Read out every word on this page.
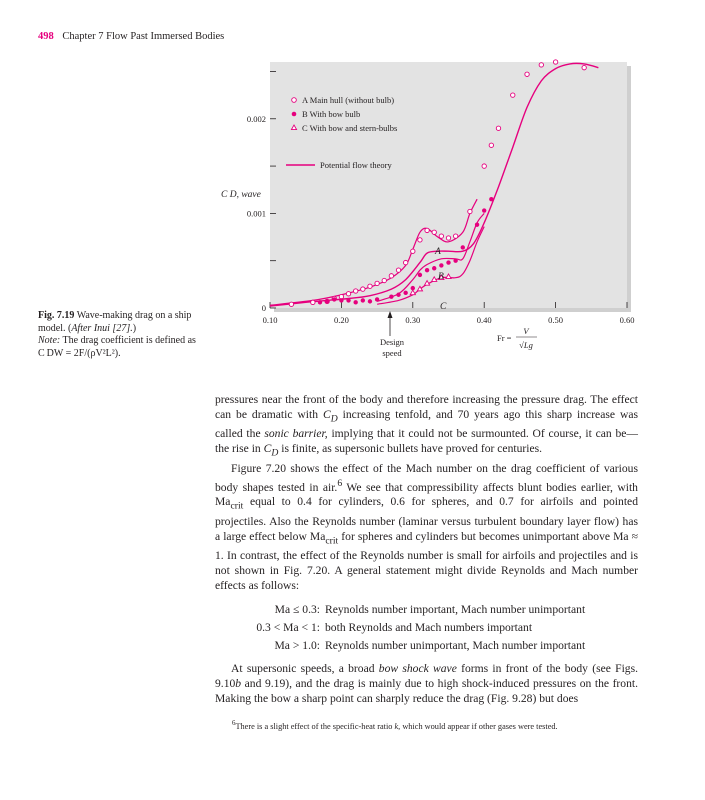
498 Chapter 7 Flow Past Immersed Bodies
0.10	0.20	0.30	0.40	0.50	0.60
0
0.001
0.002
A Main hull (without bulb)
B With bow bulb
C With bow and stern-bulbs
Potential flow theory
C D, wave
A
B
C
Design
speed
Fr =
V
√Lg
Fig. 7.19 Wave-making drag on a ship model. (After Inui [27].)
Note: The drag coefficient is defined as C DW = 2F/(ρV²L²).

pressures near the front of the body and therefore increasing the pressure drag. The effect can be dramatic with $C_D$ increasing tenfold, and 70 years ago this sharp increase was called the sonic barrier, implying that it could not be surmounted. Of course, it can be—the rise in $C_D$ is finite, as supersonic bullets have proved for centuries.

Figure 7.20 shows the effect of the Mach number on the drag coefficient of various body shapes tested in air.$^6$ We see that compressibility affects blunt bodies earlier, with $Ma_{crit}$ equal to 0.4 for cylinders, 0.6 for spheres, and 0.7 for airfoils and pointed projectiles. Also the Reynolds number (laminar versus turbulent boundary layer flow) has a large effect below $Ma_{crit}$ for spheres and cylinders but becomes unimportant above Ma ≈ 1. In contrast, the effect of the Reynolds number is small for airfoils and projectiles and is not shown in Fig. 7.20. A general statement might divide Reynolds and Mach number effects as follows:

Ma ≤ 0.3: Reynolds number important, Mach number unimportant
0.3 < Ma < 1: both Reynolds and Mach numbers important
Ma > 1.0: Reynolds number unimportant, Mach number important

At supersonic speeds, a broad bow shock wave forms in front of the body (see Figs. 9.10b and 9.19), and the drag is mainly due to high shock-induced pressures on the front. Making the bow a sharp point can sharply reduce the drag (Fig. 9.28) but does

$^6$There is a slight effect of the specific-heat ratio k, which would appear if other gases were tested.
